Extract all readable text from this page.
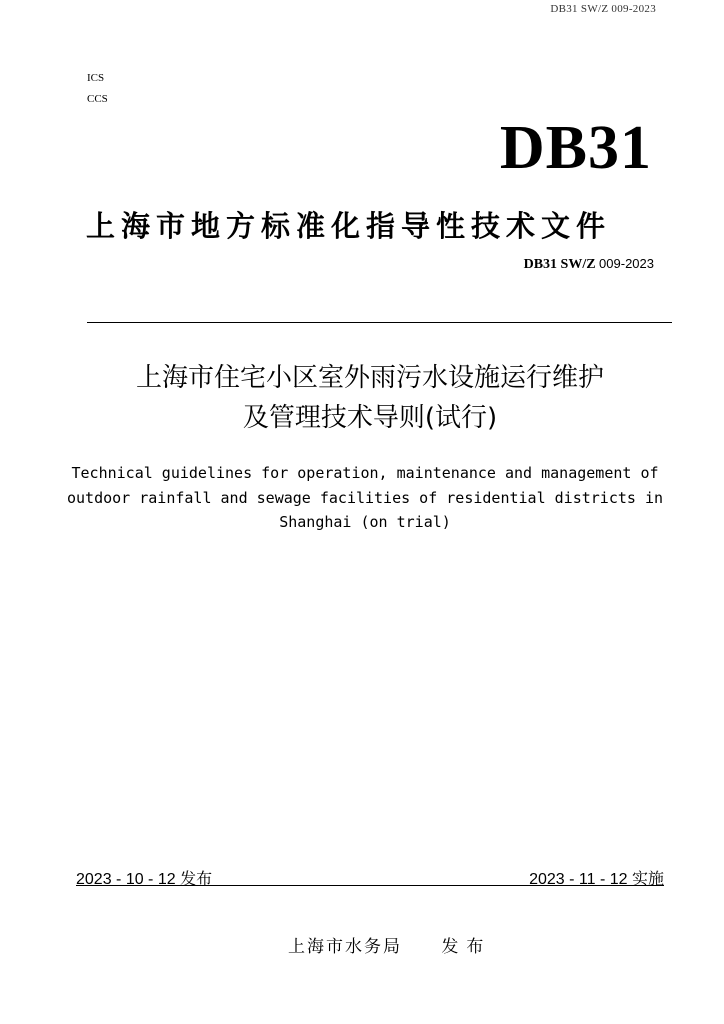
DB31 SW/Z 009-2023
ICS
CCS
DB31
上海市地方标准化指导性技术文件
DB31 SW/Z 009-2023
上海市住宅小区室外雨污水设施运行维护
及管理技术导则(试行)
Technical guidelines for operation, maintenance and management of
outdoor rainfall and sewage facilities of residential districts in
Shanghai (on trial)
2023 - 10 - 12 发布	2023 - 11 - 12 实施
上海市水务局 发布
